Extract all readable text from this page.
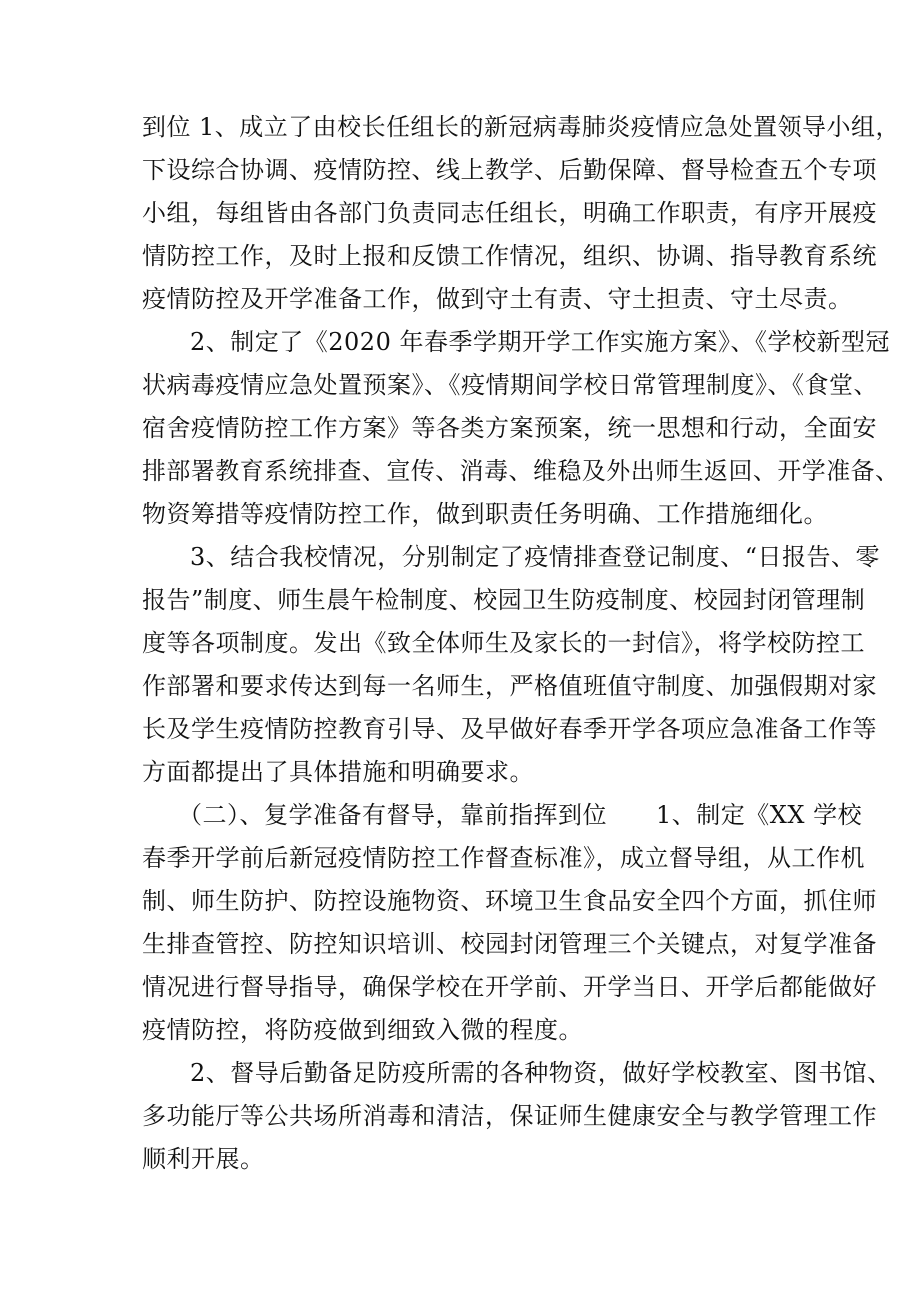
到位 1、成立了由校长任组长的新冠病毒肺炎疫情应急处置领导小组，

下设综合协调、疫情防控、线上教学、后勤保障、督导检查五个专项

小组，每组皆由各部门负责同志任组长，明确工作职责，有序开展疫

情防控工作，及时上报和反馈工作情况，组织、协调、指导教育系统

疫情防控及开学准备工作，做到守土有责、守土担责、守土尽责。

2、制定了《2020 年春季学期开学工作实施方案》、《学校新型冠

状病毒疫情应急处置预案》、《疫情期间学校日常管理制度》、《食堂、

宿舍疫情防控工作方案》等各类方案预案，统一思想和行动，全面安

排部署教育系统排查、宣传、消毒、维稳及外出师生返回、开学准备、

物资筹措等疫情防控工作，做到职责任务明确、工作措施细化。

3、结合我校情况，分别制定了疫情排查登记制度、“日报告、零

报告”制度、师生晨午检制度、校园卫生防疫制度、校园封闭管理制

度等各项制度。发出《致全体师生及家长的一封信》，将学校防控工

作部署和要求传达到每一名师生，严格值班值守制度、加强假期对家

长及学生疫情防控教育引导、及早做好春季开学各项应急准备工作等

方面都提出了具体措施和明确要求。

（二）、复学准备有督导，靠前指挥到位　　1、制定《XX 学校

春季开学前后新冠疫情防控工作督查标准》，成立督导组，从工作机

制、师生防护、防控设施物资、环境卫生食品安全四个方面，抓住师

生排查管控、防控知识培训、校园封闭管理三个关键点，对复学准备

情况进行督导指导，确保学校在开学前、开学当日、开学后都能做好

疫情防控，将防疫做到细致入微的程度。

2、督导后勤备足防疫所需的各种物资，做好学校教室、图书馆、

多功能厅等公共场所消毒和清洁，保证师生健康安全与教学管理工作

顺利开展。
